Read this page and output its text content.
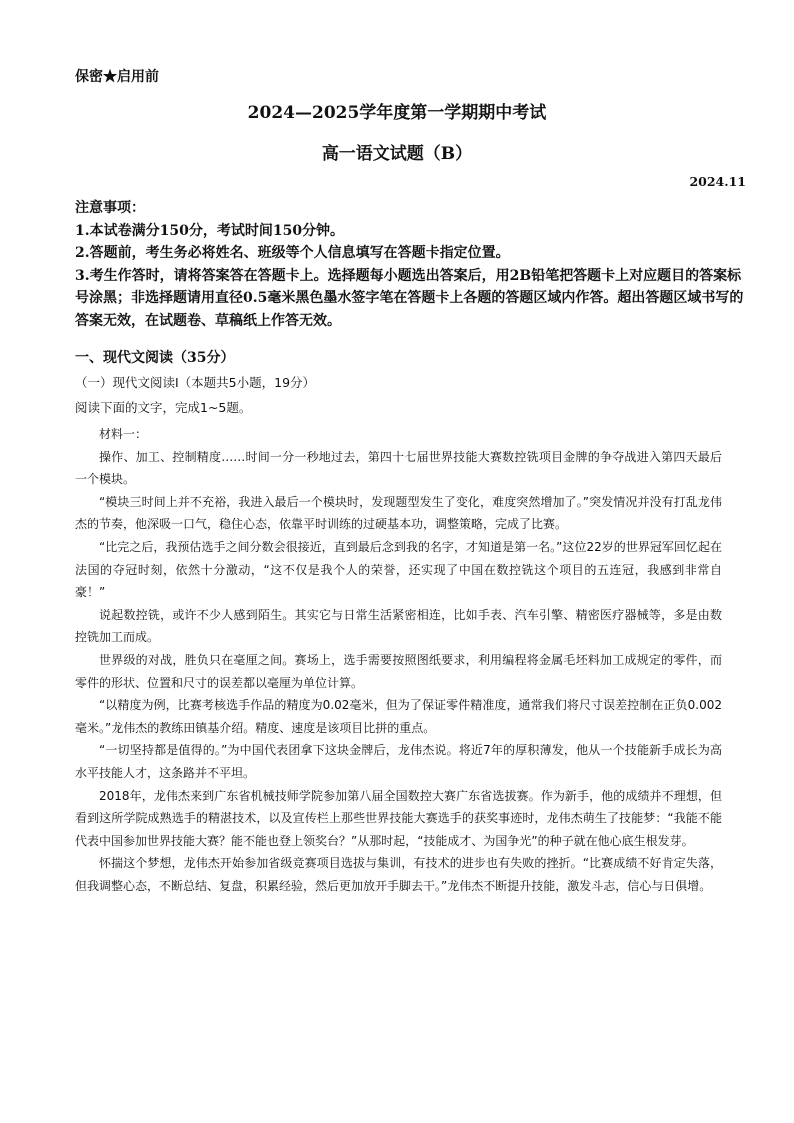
保密★启用前
2024—2025学年度第一学期期中考试
高一语文试题（B）
2024.11

注意事项：

1.本试卷满分150分，考试时间150分钟。

2.答题前，考生务必将姓名、班级等个人信息填写在答题卡指定位置。

3.考生作答时，请将答案答在答题卡上。选择题每小题选出答案后，用2B铅笔把答题卡上对应题目的答案标号涂黑；非选择题请用直径0.5毫米黑色墨水签字笔在答题卡上各题的答题区域内作答。超出答题区域书写的答案无效，在试题卷、草稿纸上作答无效。

一、现代文阅读（35分）
（一）现代文阅读Ⅰ（本题共5小题，19分）
阅读下面的文字，完成1~5题。

材料一：

操作、加工、控制精度……时间一分一秒地过去，第四十七届世界技能大赛数控铣项目金牌的争夺战进入第四天最后一个模块。

“模块三时间上并不充裕，我进入最后一个模块时，发现题型发生了变化，难度突然增加了。”突发情况并没有打乱龙伟杰的节奏，他深吸一口气，稳住心态，依靠平时训练的过硬基本功，调整策略，完成了比赛。

“比完之后，我预估选手之间分数会很接近，直到最后念到我的名字，才知道是第一名。”这位22岁的世界冠军回忆起在法国的夺冠时刻，依然十分激动，“这不仅是我个人的荣誉，还实现了中国在数控铣这个项目的五连冠，我感到非常自豪！”

说起数控铣，或许不少人感到陌生。其实它与日常生活紧密相连，比如手表、汽车引擎、精密医疗器械等，多是由数控铣加工而成。

世界级的对战，胜负只在毫厘之间。赛场上，选手需要按照图纸要求，利用编程将金属毛坯料加工成规定的零件，而零件的形状、位置和尺寸的误差都以毫厘为单位计算。

“以精度为例，比赛考核选手作品的精度为0.02毫米，但为了保证零件精准度，通常我们将尺寸误差控制在正负0.002毫米。”龙伟杰的教练田镇基介绍。精度、速度是该项目比拼的重点。

“一切坚持都是值得的。”为中国代表团拿下这块金牌后，龙伟杰说。将近7年的厚积薄发，他从一个技能新手成长为高水平技能人才，这条路并不平坦。

2018年，龙伟杰来到广东省机械技师学院参加第八届全国数控大赛广东省选拔赛。作为新手，他的成绩并不理想，但看到这所学院成熟选手的精湛技术，以及宣传栏上那些世界技能大赛选手的获奖事迹时，龙伟杰萌生了技能梦：“我能不能代表中国参加世界技能大赛？能不能也登上领奖台？”从那时起，“技能成才、为国争光”的种子就在他心底生根发芽。

怀揣这个梦想，龙伟杰开始参加省级竞赛项目选拔与集训，有技术的进步也有失败的挫折。“比赛成绩不好肯定失落，但我调整心态，不断总结、复盘，积累经验，然后更加放开手脚去干。”龙伟杰不断提升技能，激发斗志，信心与日俱增。
